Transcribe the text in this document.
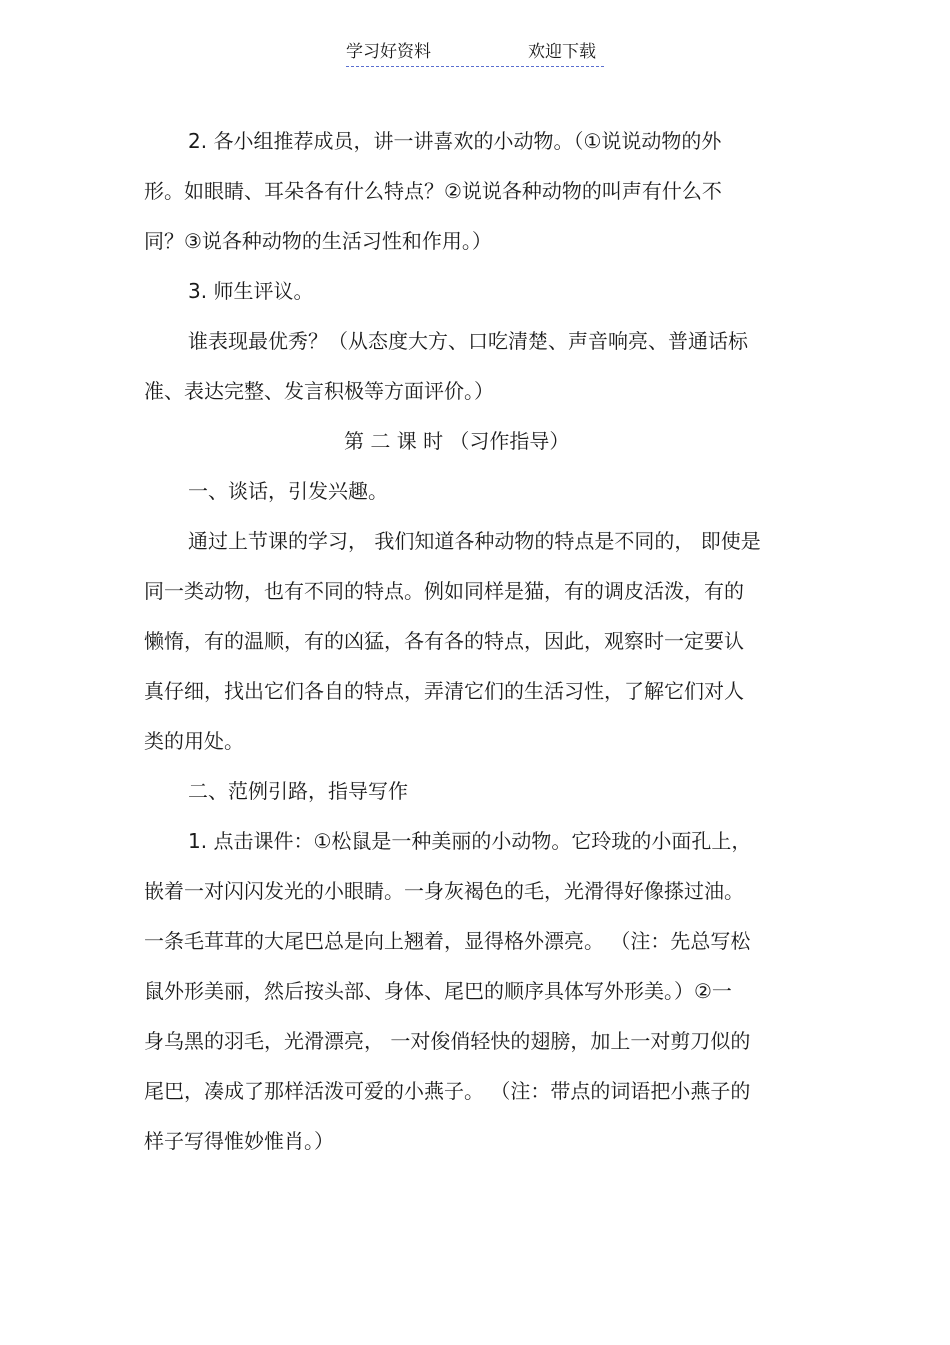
学习好资料	欢迎下载

2. 各小组推荐成员，讲一讲喜欢的小动物。（①说说动物的外

形。如眼睛、耳朵各有什么特点？②说说各种动物的叫声有什么不

同？③说各种动物的生活习性和作用。）

3. 师生评议。

谁表现最优秀？（从态度大方、口吃清楚、声音响亮、普通话标

准、表达完整、发言积极等方面评价。）

第 二 课 时 （习作指导）

一、谈话，引发兴趣。

通过上节课的学习， 我们知道各种动物的特点是不同的， 即使是

同一类动物，也有不同的特点。例如同样是猫，有的调皮活泼，有的

懒惰，有的温顺，有的凶猛，各有各的特点，因此，观察时一定要认

真仔细，找出它们各自的特点，弄清它们的生活习性，了解它们对人

类的用处。

二、范例引路，指导写作

1. 点击课件：①松鼠是一种美丽的小动物。它玲珑的小面孔上，

嵌着一对闪闪发光的小眼睛。一身灰褐色的毛，光滑得好像搽过油。

一条毛茸茸的大尾巴总是向上翘着，显得格外漂亮。 （注：先总写松

鼠外形美丽，然后按头部、身体、尾巴的顺序具体写外形美。）②一

身乌黑的羽毛，光滑漂亮， 一对俊俏轻快的翅膀，加上一对剪刀似的

尾巴，凑成了那样活泼可爱的小燕子。 （注：带点的词语把小燕子的

样子写得惟妙惟肖。）
